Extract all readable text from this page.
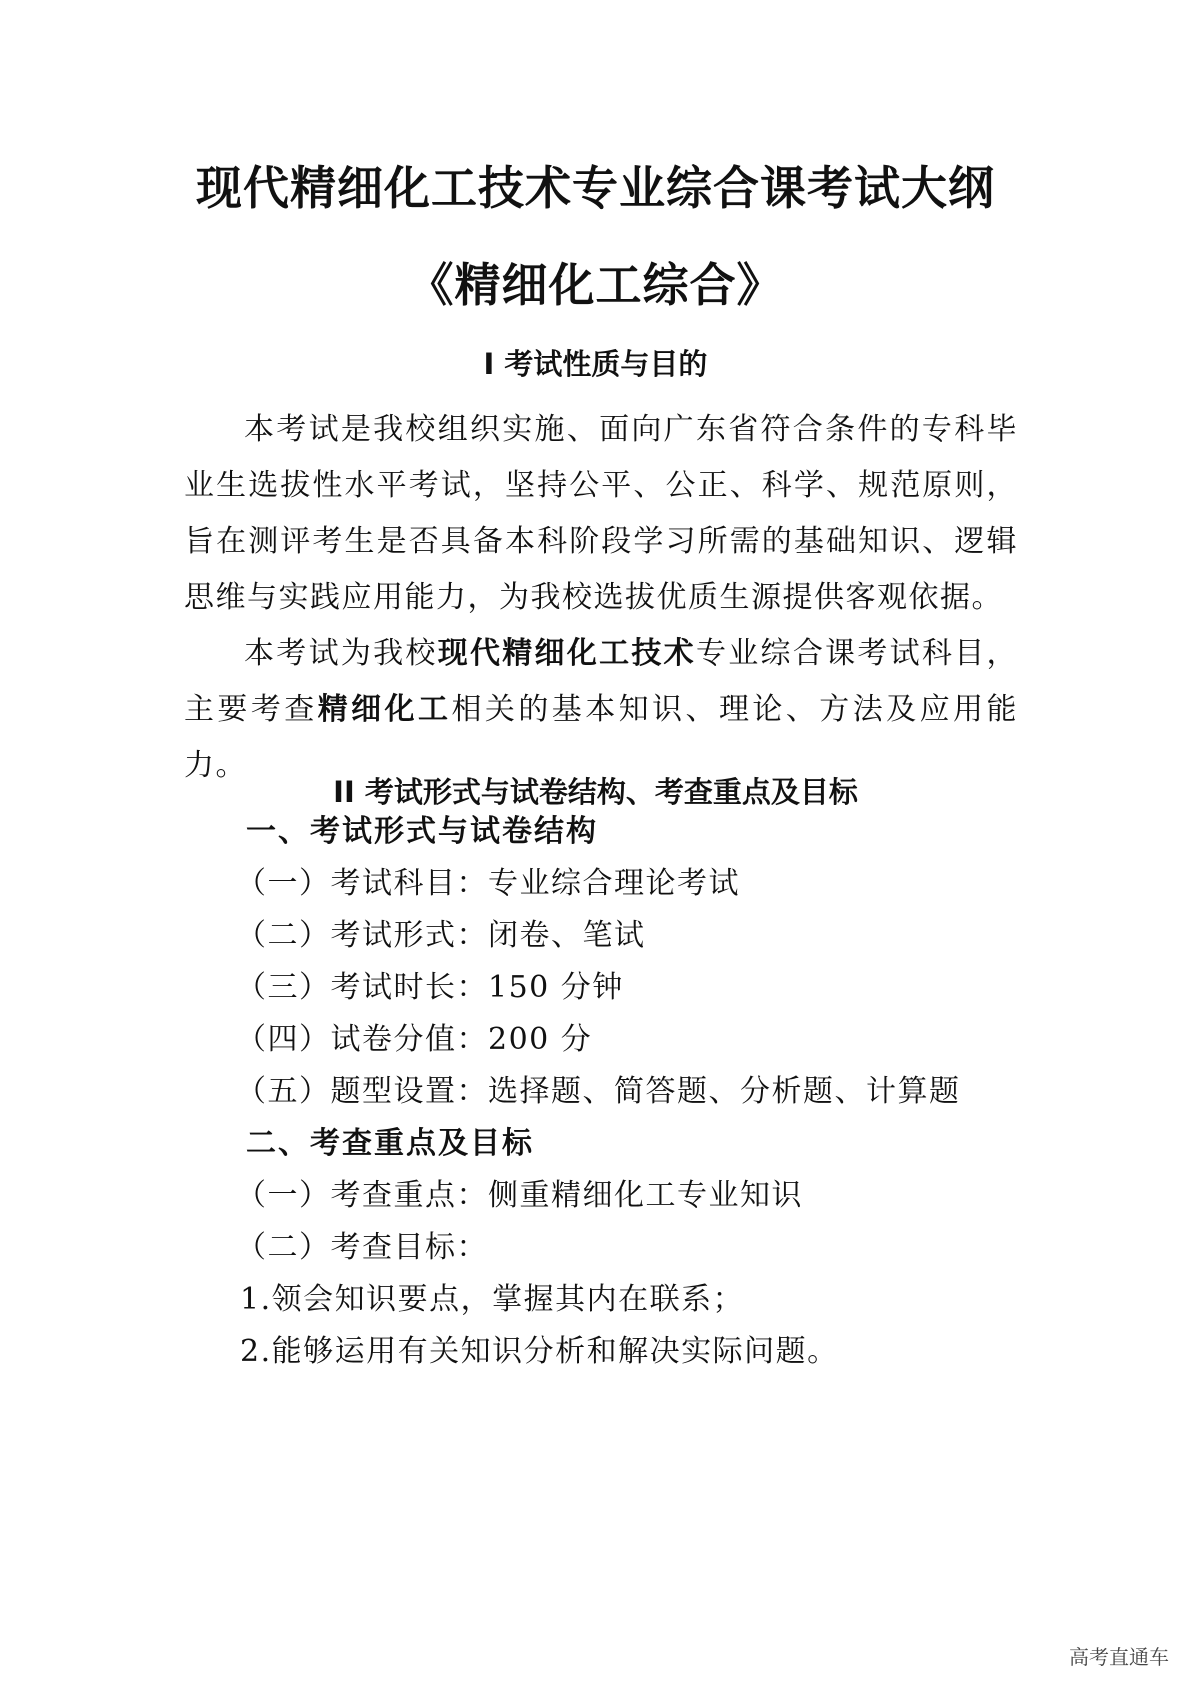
现代精细化工技术专业综合课考试大纲
《精细化工综合》
I 考试性质与目的
本考试是我校组织实施、面向广东省符合条件的专科毕业生选拔性水平考试，坚持公平、公正、科学、规范原则，旨在测评考生是否具备本科阶段学习所需的基础知识、逻辑思维与实践应用能力，为我校选拔优质生源提供客观依据。
本考试为我校现代精细化工技术专业综合课考试科目，主要考查精细化工相关的基本知识、理论、方法及应用能力。
II 考试形式与试卷结构、考查重点及目标
一、考试形式与试卷结构
（一）考试科目：专业综合理论考试
（二）考试形式：闭卷、笔试
（三）考试时长：150 分钟
（四）试卷分值：200 分
（五）题型设置：选择题、简答题、分析题、计算题
二、考查重点及目标
（一）考查重点：侧重精细化工专业知识
（二）考查目标：
1.领会知识要点，掌握其内在联系；
2.能够运用有关知识分析和解决实际问题。
高考直通车
